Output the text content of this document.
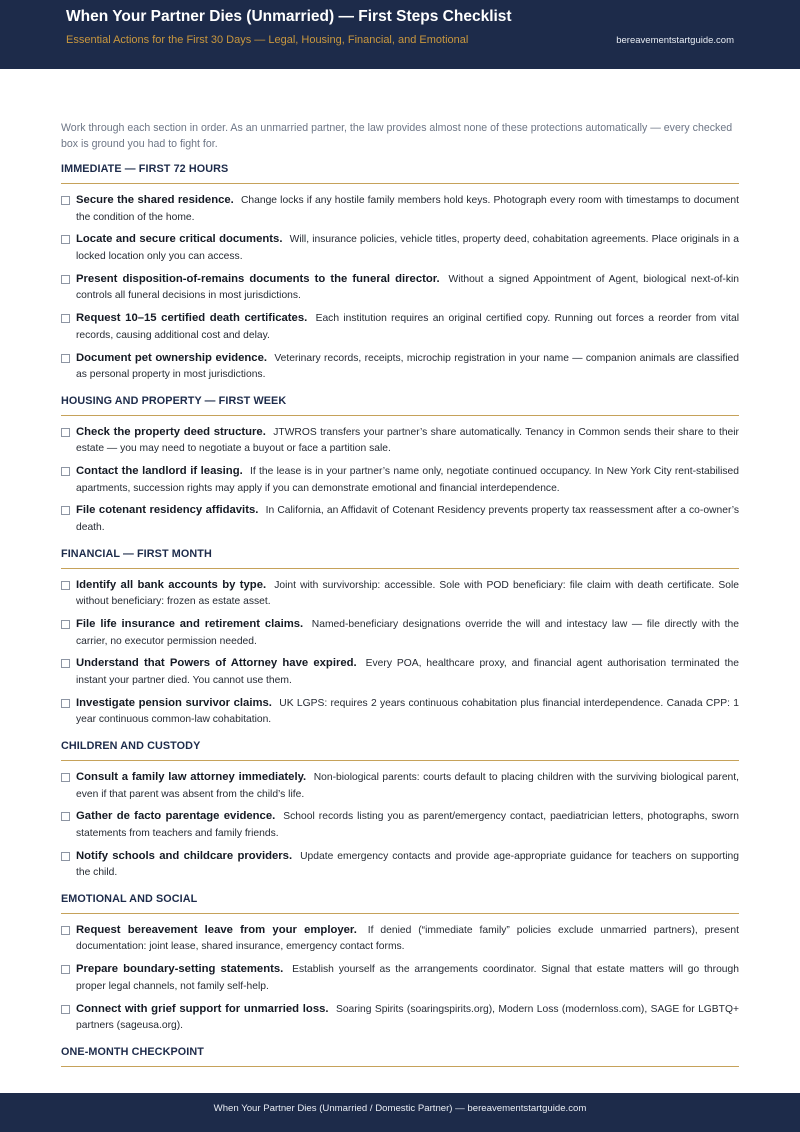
When Your Partner Dies (Unmarried) — First Steps Checklist
Essential Actions for the First 30 Days — Legal, Housing, Financial, and Emotional	bereavementstartguide.com

Work through each section in order. As an unmarried partner, the law provides almost none of these protections automatically — every checked box is ground you had to fight for.

IMMEDIATE — FIRST 72 HOURS
Secure the shared residence. Change locks if any hostile family members hold keys. Photograph every room with timestamps to document the condition of the home.
Locate and secure critical documents. Will, insurance policies, vehicle titles, property deed, cohabitation agreements. Place originals in a locked location only you can access.
Present disposition-of-remains documents to the funeral director. Without a signed Appointment of Agent, biological next-of-kin controls all funeral decisions in most jurisdictions.
Request 10–15 certified death certificates. Each institution requires an original certified copy. Running out forces a reorder from vital records, causing additional cost and delay.
Document pet ownership evidence. Veterinary records, receipts, microchip registration in your name — companion animals are classified as personal property in most jurisdictions.
HOUSING AND PROPERTY — FIRST WEEK
Check the property deed structure. JTWROS transfers your partner’s share automatically. Tenancy in Common sends their share to their estate — you may need to negotiate a buyout or face a partition sale.
Contact the landlord if leasing. If the lease is in your partner’s name only, negotiate continued occupancy. In New York City rent-stabilised apartments, succession rights may apply if you can demonstrate emotional and financial interdependence.
File cotenant residency affidavits. In California, an Affidavit of Cotenant Residency prevents property tax reassessment after a co-owner’s death.
FINANCIAL — FIRST MONTH
Identify all bank accounts by type. Joint with survivorship: accessible. Sole with POD beneficiary: file claim with death certificate. Sole without beneficiary: frozen as estate asset.
File life insurance and retirement claims. Named-beneficiary designations override the will and intestacy law — file directly with the carrier, no executor permission needed.
Understand that Powers of Attorney have expired. Every POA, healthcare proxy, and financial agent authorisation terminated the instant your partner died. You cannot use them.
Investigate pension survivor claims. UK LGPS: requires 2 years continuous cohabitation plus financial interdependence. Canada CPP: 1 year continuous common-law cohabitation.
CHILDREN AND CUSTODY
Consult a family law attorney immediately. Non-biological parents: courts default to placing children with the surviving biological parent, even if that parent was absent from the child’s life.
Gather de facto parentage evidence. School records listing you as parent/emergency contact, paediatrician letters, photographs, sworn statements from teachers and family friends.
Notify schools and childcare providers. Update emergency contacts and provide age-appropriate guidance for teachers on supporting the child.
EMOTIONAL AND SOCIAL
Request bereavement leave from your employer. If denied (“immediate family” policies exclude unmarried partners), present documentation: joint lease, shared insurance, emergency contact forms.
Prepare boundary-setting statements. Establish yourself as the arrangements coordinator. Signal that estate matters will go through proper legal channels, not family self-help.
Connect with grief support for unmarried loss. Soaring Spirits (soaringspirits.org), Modern Loss (modernloss.com), SAGE for LGBTQ+ partners (sageusa.org).
ONE-MONTH CHECKPOINT
When Your Partner Dies (Unmarried / Domestic Partner) — bereavementstartguide.com
